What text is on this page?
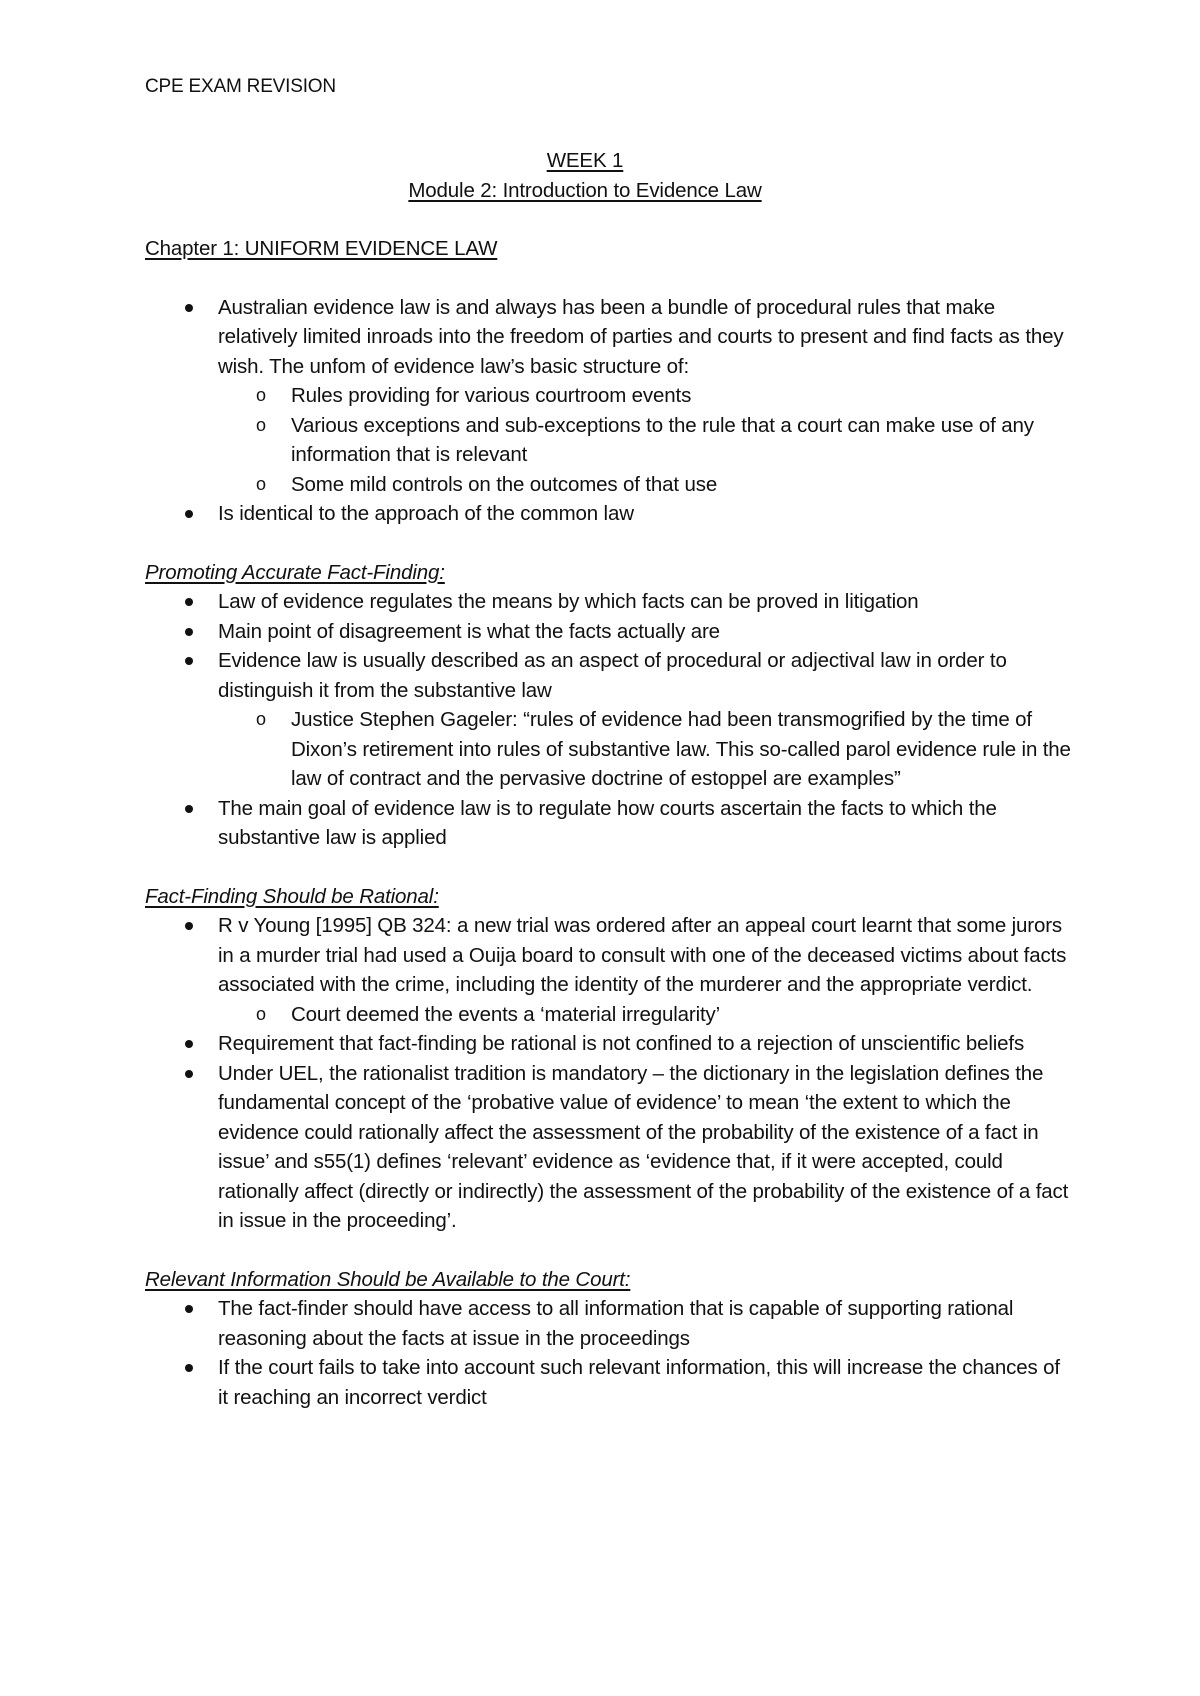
CPE EXAM REVISION
WEEK 1
Module 2: Introduction to Evidence Law
Chapter 1: UNIFORM EVIDENCE LAW
Australian evidence law is and always has been a bundle of procedural rules that make relatively limited inroads into the freedom of parties and courts to present and find facts as they wish. The unfom of evidence law’s basic structure of:
o Rules providing for various courtroom events
o Various exceptions and sub-exceptions to the rule that a court can make use of any information that is relevant
o Some mild controls on the outcomes of that use
Is identical to the approach of the common law
Promoting Accurate Fact-Finding:
Law of evidence regulates the means by which facts can be proved in litigation
Main point of disagreement is what the facts actually are
Evidence law is usually described as an aspect of procedural or adjectival law in order to distinguish it from the substantive law
o Justice Stephen Gageler: “rules of evidence had been transmogrified by the time of Dixon’s retirement into rules of substantive law. This so-called parol evidence rule in the law of contract and the pervasive doctrine of estoppel are examples”
The main goal of evidence law is to regulate how courts ascertain the facts to which the substantive law is applied
Fact-Finding Should be Rational:
R v Young [1995] QB 324: a new trial was ordered after an appeal court learnt that some jurors in a murder trial had used a Ouija board to consult with one of the deceased victims about facts associated with the crime, including the identity of the murderer and the appropriate verdict.
o Court deemed the events a ‘material irregularity’
Requirement that fact-finding be rational is not confined to a rejection of unscientific beliefs
Under UEL, the rationalist tradition is mandatory – the dictionary in the legislation defines the fundamental concept of the ‘probative value of evidence’ to mean ‘the extent to which the evidence could rationally affect the assessment of the probability of the existence of a fact in issue’ and s55(1) defines ‘relevant’ evidence as ‘evidence that, if it were accepted, could rationally affect (directly or indirectly) the assessment of the probability of the existence of a fact in issue in the proceeding’.
Relevant Information Should be Available to the Court:
The fact-finder should have access to all information that is capable of supporting rational reasoning about the facts at issue in the proceedings
If the court fails to take into account such relevant information, this will increase the chances of it reaching an incorrect verdict
